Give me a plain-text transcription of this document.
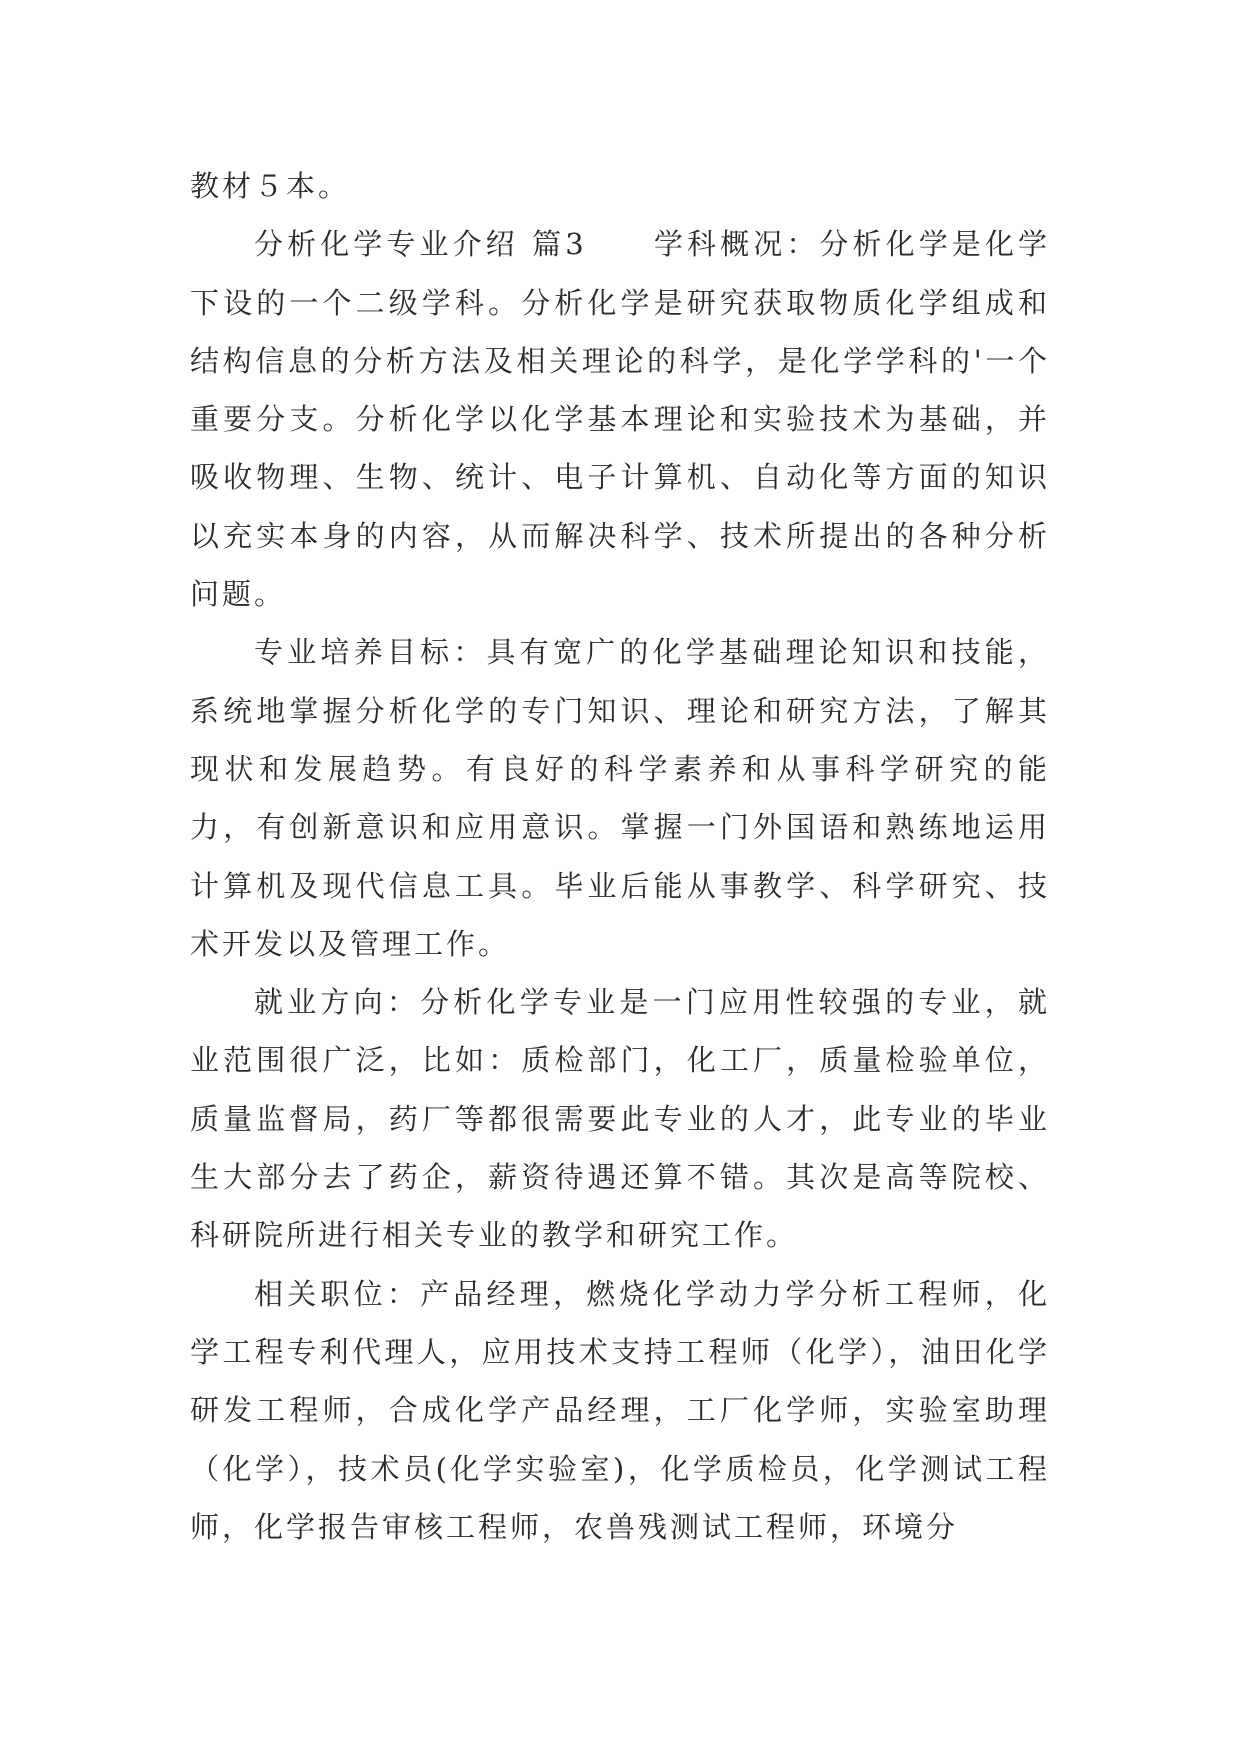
教材５本。

分析化学专业介绍 篇3　　学科概况：分析化学是化学下设的一个二级学科。分析化学是研究获取物质化学组成和结构信息的分析方法及相关理论的科学，是化学学科的'一个重要分支。分析化学以化学基本理论和实验技术为基础，并吸收物理、生物、统计、电子计算机、自动化等方面的知识以充实本身的内容，从而解决科学、技术所提出的各种分析问题。

专业培养目标：具有宽广的化学基础理论知识和技能，系统地掌握分析化学的专门知识、理论和研究方法，了解其现状和发展趋势。有良好的科学素养和从事科学研究的能力，有创新意识和应用意识。掌握一门外国语和熟练地运用计算机及现代信息工具。毕业后能从事教学、科学研究、技术开发以及管理工作。

就业方向：分析化学专业是一门应用性较强的专业，就业范围很广泛，比如：质检部门，化工厂，质量检验单位，质量监督局，药厂等都很需要此专业的人才，此专业的毕业生大部分去了药企，薪资待遇还算不错。其次是高等院校、科研院所进行相关专业的教学和研究工作。

相关职位：产品经理，燃烧化学动力学分析工程师，化学工程专利代理人，应用技术支持工程师（化学），油田化学研发工程师，合成化学产品经理，工厂化学师，实验室助理（化学），技术员(化学实验室)，化学质检员，化学测试工程师，化学报告审核工程师，农兽残测试工程师，环境分
